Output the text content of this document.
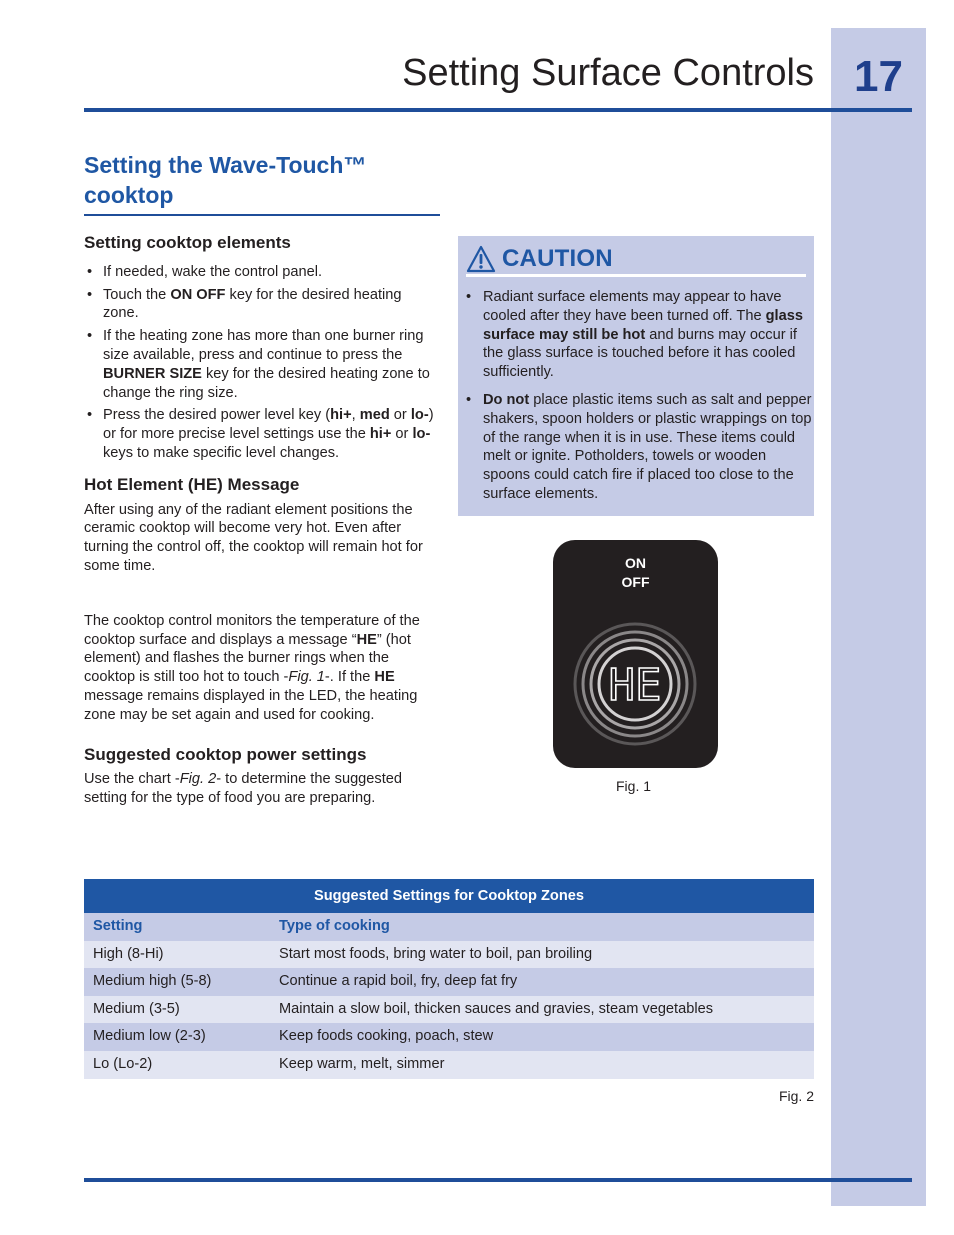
17
Setting Surface Controls
Setting the Wave-Touch™
cooktop
Setting cooktop elements
• If needed, wake the control panel.
• Touch the ON OFF key for the desired heating zone.
• If the heating zone has more than one burner ring size available, press and continue to press the BURNER SIZE key for the desired heating zone to change the ring size.
• Press the desired power level key (hi+, med or lo-) or for more precise level settings use the hi+ or lo- keys to make specific level changes.
Hot Element (HE) Message

After using any of the radiant element positions the ceramic cooktop will become very hot. Even after turning the control off, the cooktop will remain hot for some time.

The cooktop control monitors the temperature of the cooktop surface and displays a message “HE” (hot element) and flashes the burner rings when the cooktop is still too hot to touch -Fig. 1-. If the HE message remains displayed in the LED, the heating zone may be set again and used for cooking.

Suggested cooktop power settings

Use the chart -Fig. 2- to determine the suggested setting for the type of food you are preparing.

CAUTION
• Radiant surface elements may appear to have cooled after they have been turned off. The glass surface may still be hot and burns may occur if the glass surface is touched before it has cooled sufficiently.
• Do not place plastic items such as salt and pepper shakers, spoon holders or plastic wrappings on top of the range when it is in use. These items could melt or ignite. Potholders, towels or wooden spoons could catch fire if placed too close to the surface elements.
ON
OFF
HE
Fig. 1
Suggested Settings for Cooktop Zones
Setting	Type of cooking
High (8-Hi)	Start most foods, bring water to boil, pan broiling
Medium high (5-8)	Continue a rapid boil, fry, deep fat fry
Medium (3-5)	Maintain a slow boil, thicken sauces and gravies, steam vegetables
Medium low (2-3)	Keep foods cooking, poach, stew
Lo (Lo-2)	Keep warm, melt, simmer
Fig. 2
